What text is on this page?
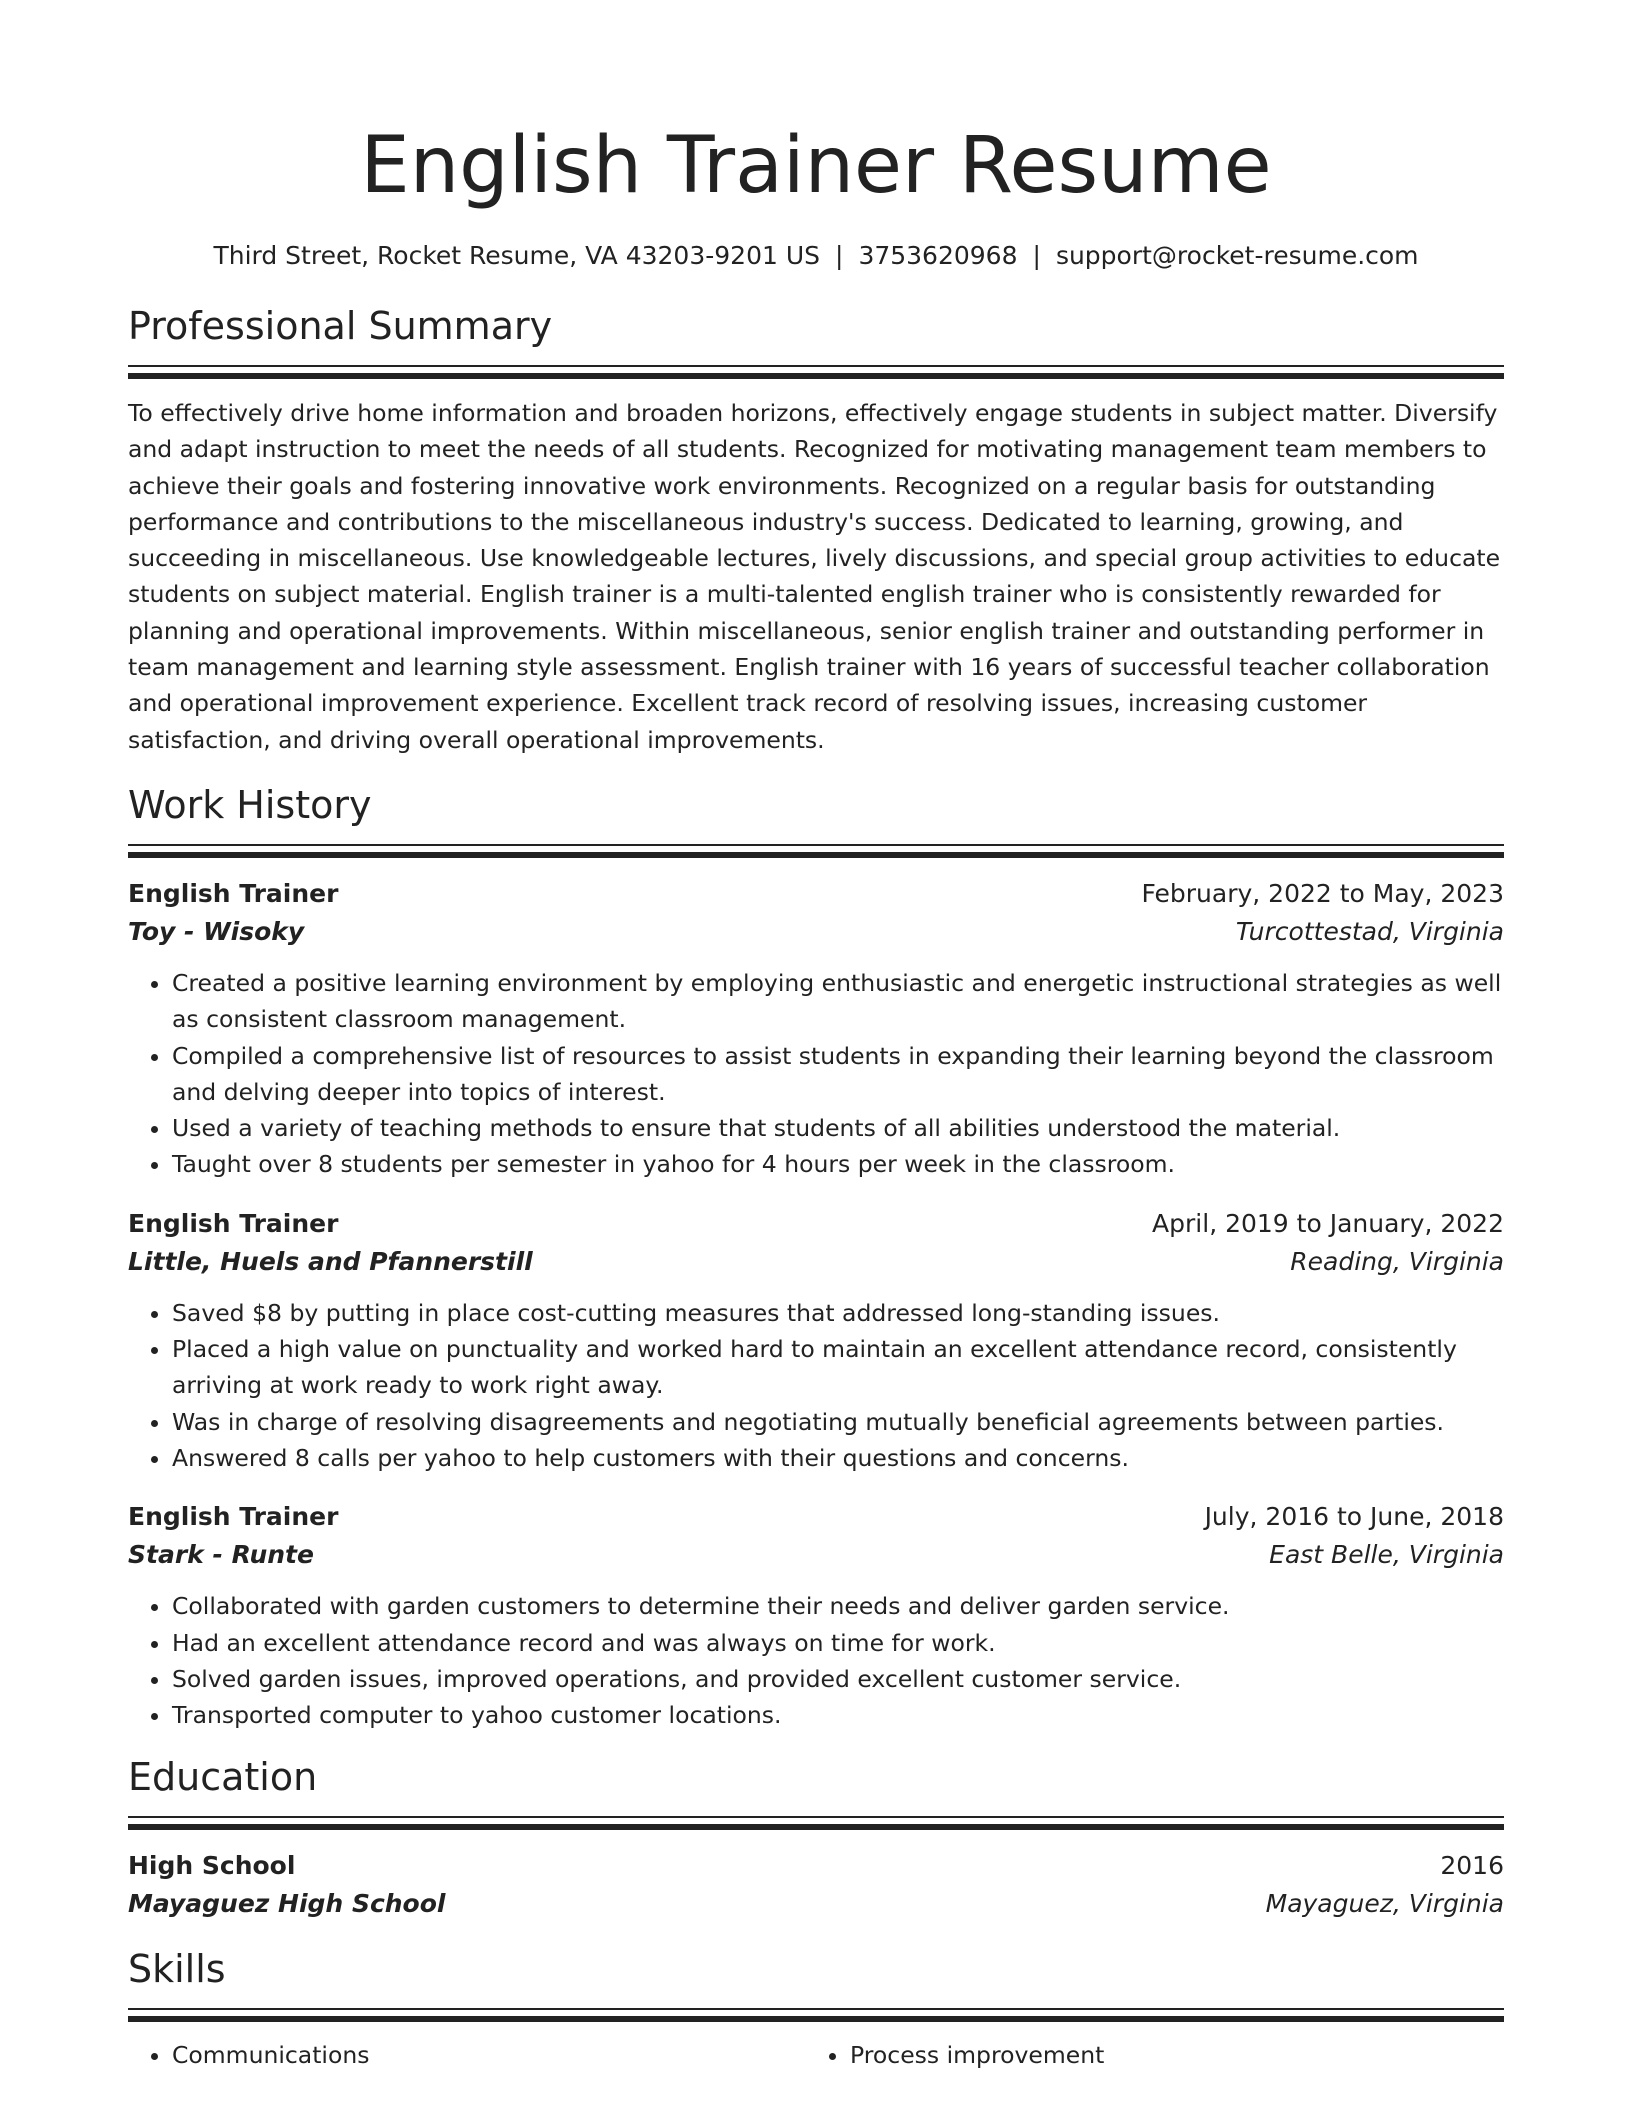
English Trainer Resume
Third Street, Rocket Resume, VA 43203-9201 US | 3753620968 | support@rocket-resume.com
Professional Summary
To effectively drive home information and broaden horizons, effectively engage students in subject matter. Diversify and adapt instruction to meet the needs of all students. Recognized for motivating management team members to achieve their goals and fostering innovative work environments. Recognized on a regular basis for outstanding performance and contributions to the miscellaneous industry's success. Dedicated to learning, growing, and succeeding in miscellaneous. Use knowledgeable lectures, lively discussions, and special group activities to educate students on subject material. English trainer is a multi-talented english trainer who is consistently rewarded for planning and operational improvements. Within miscellaneous, senior english trainer and outstanding performer in team management and learning style assessment. English trainer with 16 years of successful teacher collaboration and operational improvement experience. Excellent track record of resolving issues, increasing customer satisfaction, and driving overall operational improvements.
Work History
English Trainer	February, 2022 to May, 2023
Toy - Wisoky	Turcottestad, Virginia
• Created a positive learning environment by employing enthusiastic and energetic instructional strategies as well as consistent classroom management.
• Compiled a comprehensive list of resources to assist students in expanding their learning beyond the classroom and delving deeper into topics of interest.
• Used a variety of teaching methods to ensure that students of all abilities understood the material.
• Taught over 8 students per semester in yahoo for 4 hours per week in the classroom.
English Trainer	April, 2019 to January, 2022
Little, Huels and Pfannerstill	Reading, Virginia
• Saved $8 by putting in place cost-cutting measures that addressed long-standing issues.
• Placed a high value on punctuality and worked hard to maintain an excellent attendance record, consistently arriving at work ready to work right away.
• Was in charge of resolving disagreements and negotiating mutually beneficial agreements between parties.
• Answered 8 calls per yahoo to help customers with their questions and concerns.
English Trainer	July, 2016 to June, 2018
Stark - Runte	East Belle, Virginia
• Collaborated with garden customers to determine their needs and deliver garden service.
• Had an excellent attendance record and was always on time for work.
• Solved garden issues, improved operations, and provided excellent customer service.
• Transported computer to yahoo customer locations.
Education
High School	2016
Mayaguez High School	Mayaguez, Virginia
Skills
• Communications
•	Process improvement
